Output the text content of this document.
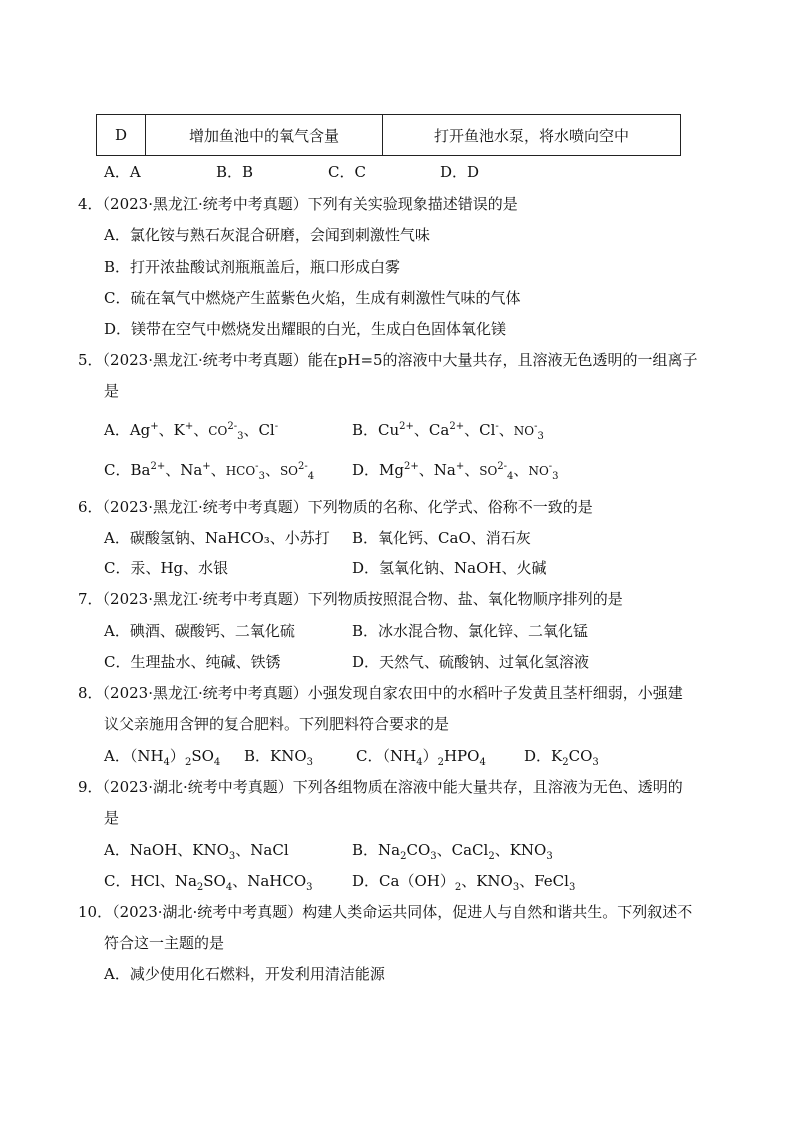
D	增加鱼池中的氧气含量	打开鱼池水泵，将水喷向空中
A．A	B．B	C．C	D．D
4．（2023·黑龙江·统考中考真题）下列有关实验现象描述错误的是
A．氯化铵与熟石灰混合研磨，会闻到刺激性气味
B．打开浓盐酸试剂瓶瓶盖后，瓶口形成白雾
C．硫在氧气中燃烧产生蓝紫色火焰，生成有刺激性气味的气体
D．镁带在空气中燃烧发出耀眼的白光，生成白色固体氧化镁
5．（2023·黑龙江·统考中考真题）能在pH=5的溶液中大量共存，且溶液无色透明的一组离子
是
A．Ag+、K+、$CO^{2-}_3$、Cl-	B．$Cu^{2+}$、$Ca^{2+}$、Cl-、$NO^-_3$
C．$Ba^{2+}$、Na+、$HCO^-_3$、$SO^{2-}_4$	D．$Mg^{2+}$、Na+、$SO^{2-}_4$、$NO^-_3$
6．（2023·黑龙江·统考中考真题）下列物质的名称、化学式、俗称不一致的是
A．碳酸氢钠、NaHCO₃、小苏打 B．氧化钙、CaO、消石灰
C．汞、Hg、水银	D．氢氧化钠、NaOH、火碱
7．（2023·黑龙江·统考中考真题）下列物质按照混合物、盐、氧化物顺序排列的是
A．碘酒、碳酸钙、二氧化硫	B．冰水混合物、氯化锌、二氧化锰
C．生理盐水、纯碱、铁锈	D．天然气、硫酸钠、过氧化氢溶液
8．（2023·黑龙江·统考中考真题）小强发现自家农田中的水稻叶子发黄且茎杆细弱，小强建
议父亲施用含钾的复合肥料。下列肥料符合要求的是
A．$(NH_4)_2SO_4$ B．$KNO_3$	C．$(NH_4)_2HPO_4$	D．$K_2CO_3$
9．（2023·湖北·统考中考真题）下列各组物质在溶液中能大量共存，且溶液为无色、透明的
是
A．NaOH、$KNO_3$、NaCl	B．$Na_2CO_3$、CaCl$_2$、$KNO_3$
C．HCl、$Na_2SO_4$、NaHCO$_3$	D．$Ca(OH)_2$、$KNO_3$、FeCl$_3$
10．（2023·湖北·统考中考真题）构建人类命运共同体，促进人与自然和谐共生。下列叙述不
符合这一主题的是
A．减少使用化石燃料，开发利用清洁能源
